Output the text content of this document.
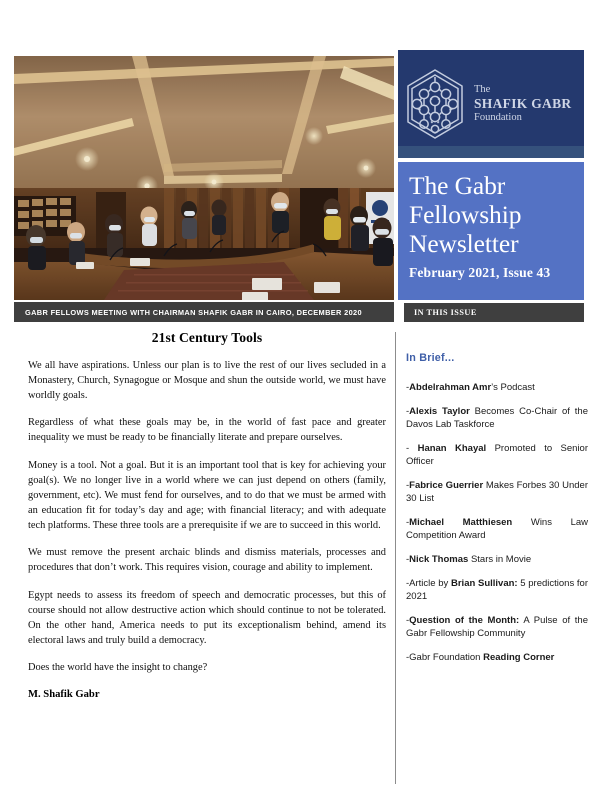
GABR FELLOWS MEETING WITH CHAIRMAN SHAFIK GABR IN CAIRO, DECEMBER 2020
The
SHAFIK GABR
Foundation
The Gabr
Fellowship
Newsletter
February 2021, Issue 43
IN THIS ISSUE
21st Century Tools

We all have aspirations. Unless our plan is to live the rest of our lives secluded in a Monastery, Church, Synagogue or Mosque and shun the outside world, we must have worldly goals.

Regardless of what these goals may be, in the world of fast pace and greater inequality we must be ready to be financially literate and prepare ourselves.

Money is a tool. Not a goal. But it is an important tool that is key for achieving your goal(s). We no longer live in a world where we can just depend on others (family, government, etc). We must fend for ourselves, and to do that we must be armed with an education fit for today’s day and age; with financial literacy; and with adequate tech platforms. These three tools are a prerequisite if we are to succeed in this world.

We must remove the present archaic blinds and dismiss materials, processes and procedures that don’t work. This requires vision, courage and ability to implement.

Egypt needs to assess its freedom of speech and democratic processes, but this of course should not allow destructive action which should continue to not be tolerated. On the other hand, America needs to put its exceptionalism behind, amend its electoral laws and truly build a democracy.

Does the world have the insight to change?

M. Shafik Gabr
In Brief...
-Abdelrahman Amr’s Podcast
-Alexis Taylor Becomes Co-Chair of the Davos Lab Taskforce
- Hanan Khayal Promoted to Senior Officer
-Fabrice Guerrier Makes Forbes 30 Under 30 List
-Michael Matthiesen Wins Law Competition Award
-Nick Thomas Stars in Movie
-Article by Brian Sullivan: 5 predictions for 2021
-Question of the Month: A Pulse of the Gabr Fellowship Community
-Gabr Foundation Reading Corner
